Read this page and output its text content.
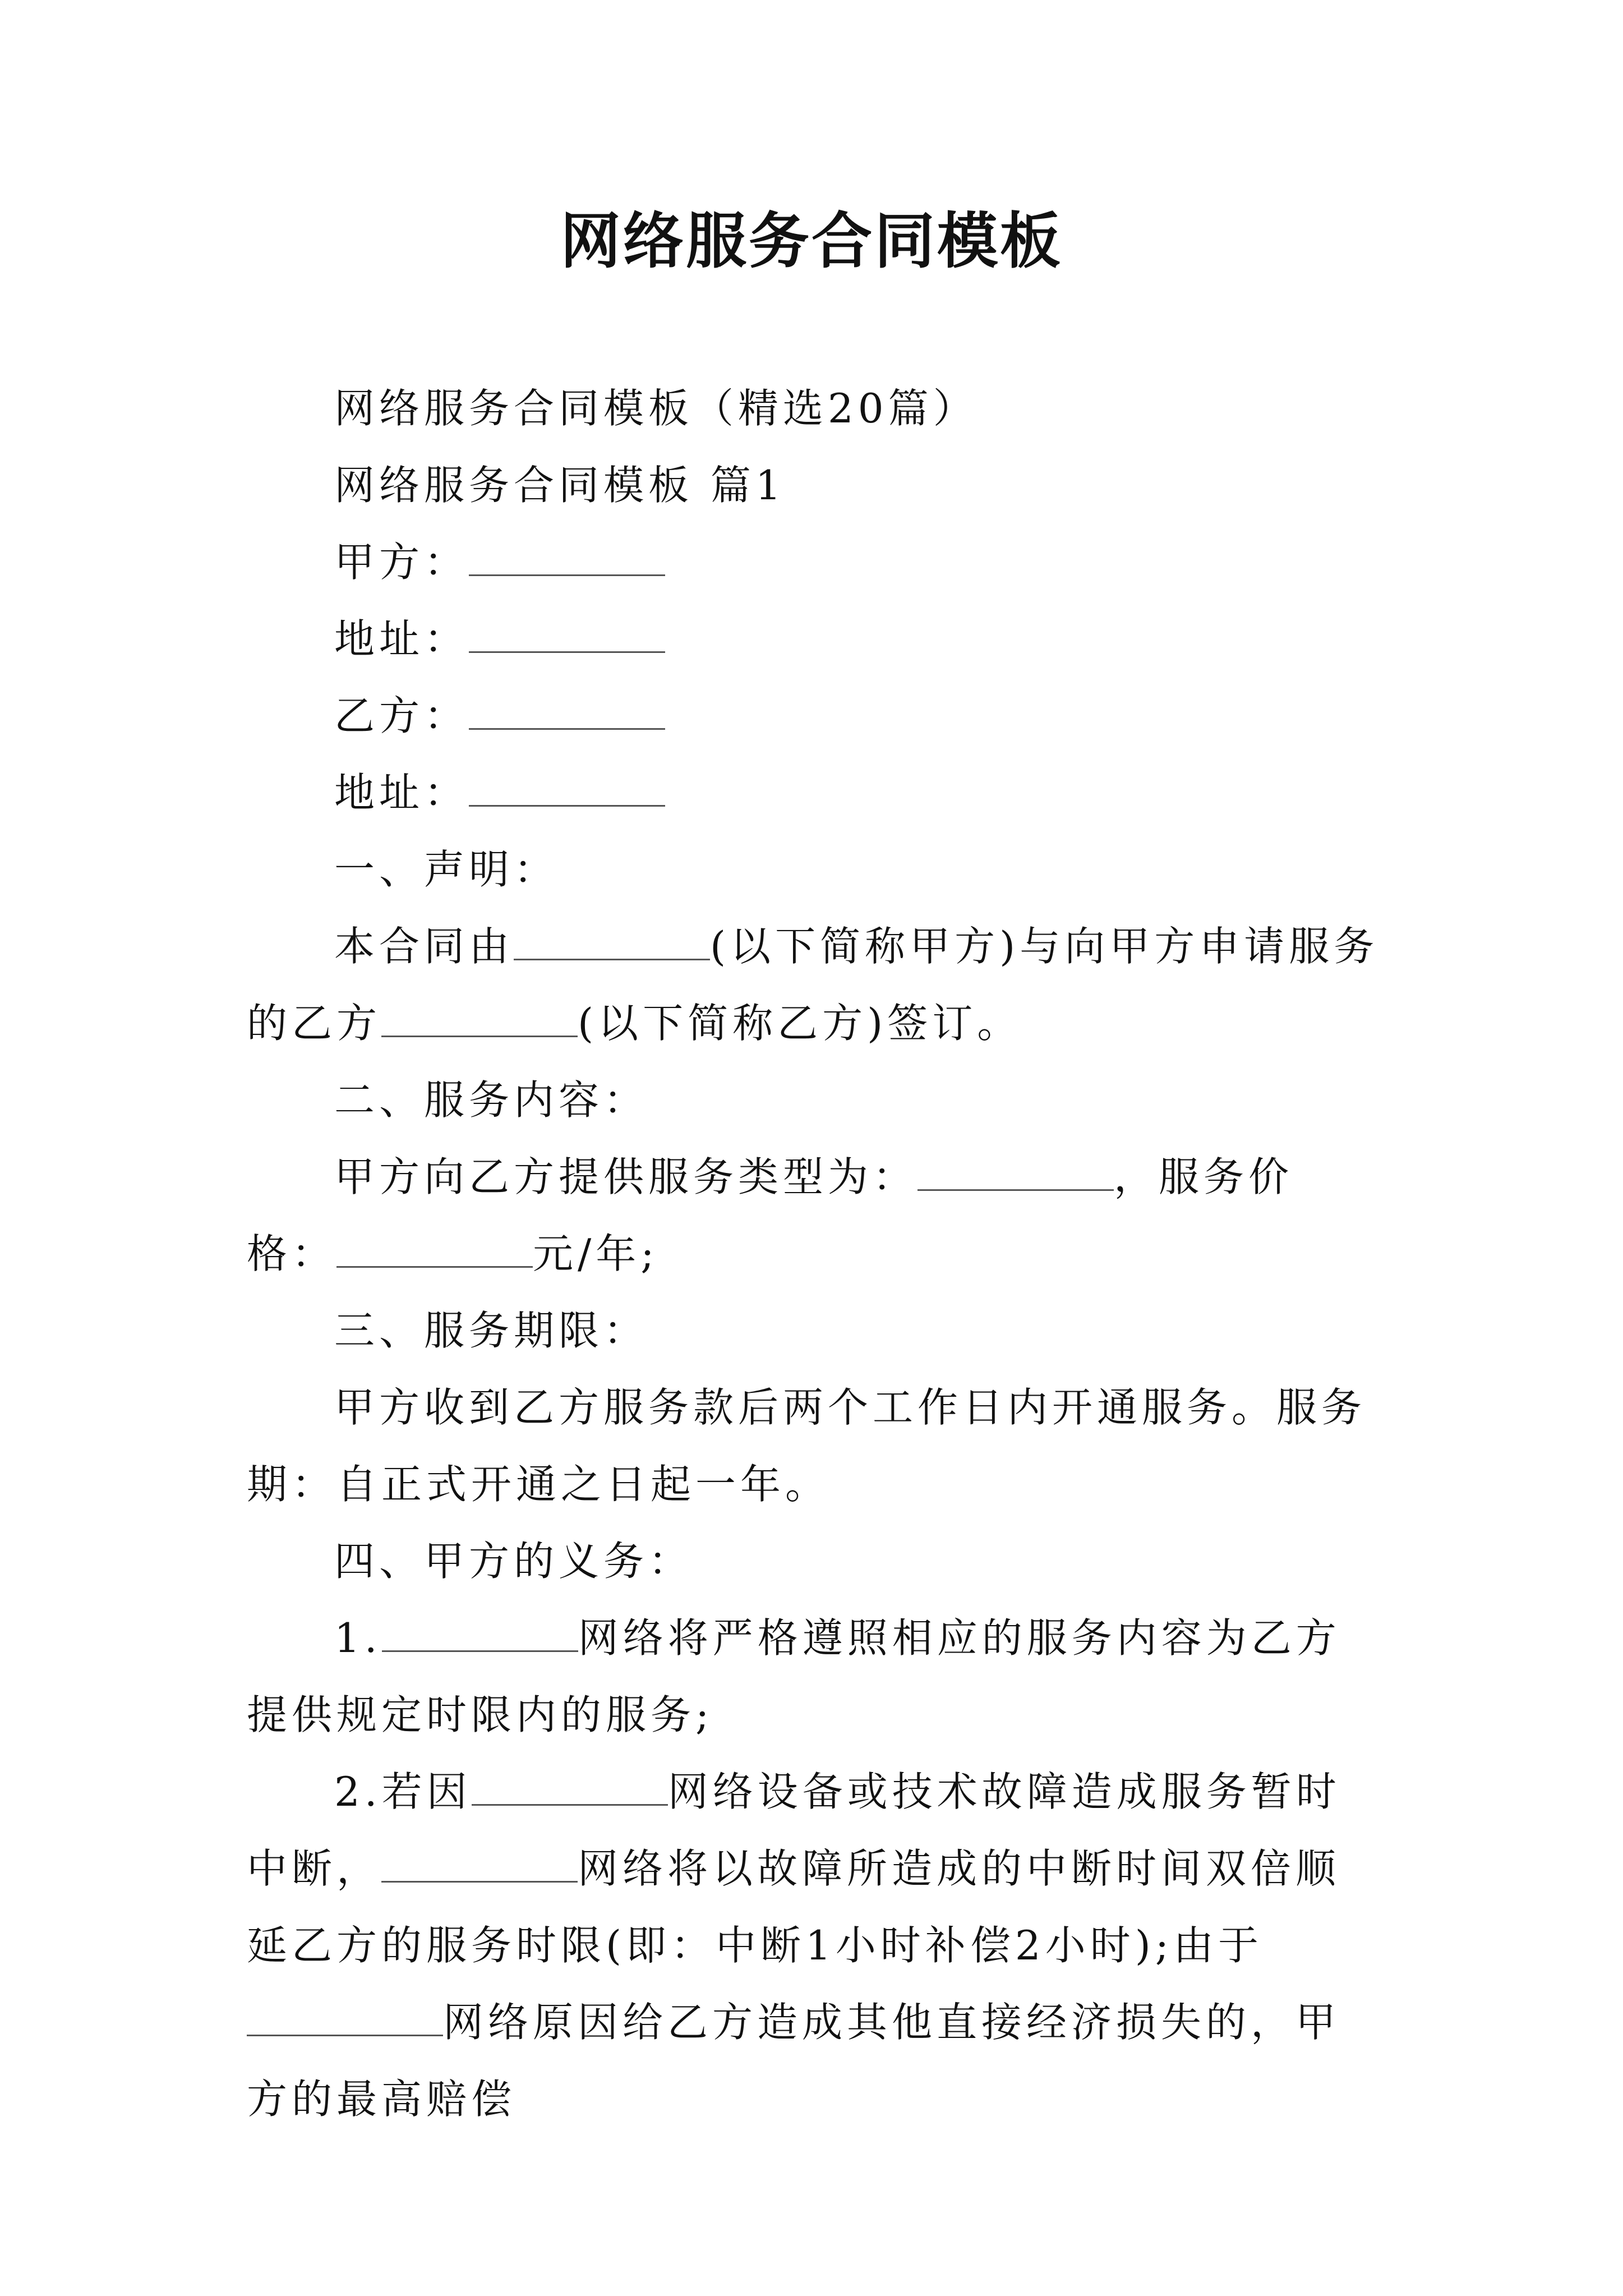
网络服务合同模板

网络服务合同模板（精选20篇）

网络服务合同模板 篇1

甲方：

地址：

乙方：

地址：

一、声明：

本合同由	(以下简称甲方)与向甲方申请服务的乙方	(以下简称乙方)签订。

二、服务内容：

甲方向乙方提供服务类型为：	，服务价格：	元/年;

三、服务期限：

甲方收到乙方服务款后两个工作日内开通服务。服务期：自正式开通之日起一年。

四、甲方的义务：

1.	网络将严格遵照相应的服务内容为乙方提供规定时限内的服务;

2.若因	网络设备或技术故障造成服务暂时中断，	网络将以故障所造成的中断时间双倍顺延乙方的服务时限(即：中断1小时补偿2小时);由于网络原因给乙方造成其他直接经济损失的，甲方的最高赔偿
